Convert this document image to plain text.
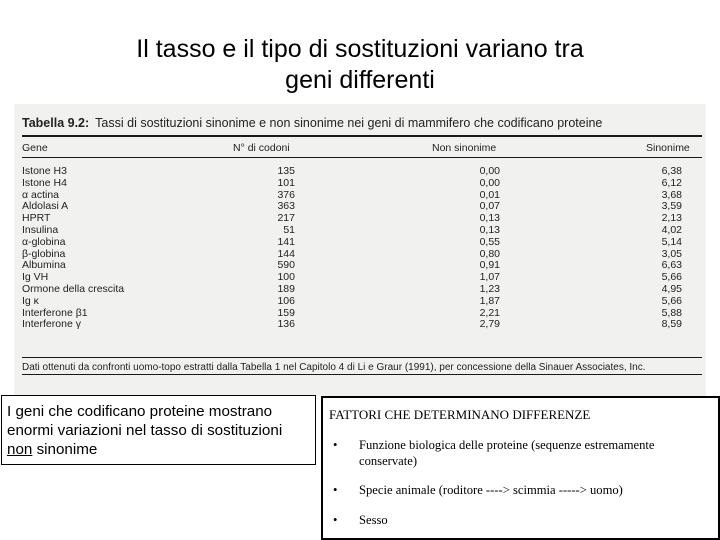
Il tasso e il tipo di sostituzioni variano tra
geni differenti
Tabella 9.2: Tassi di sostituzioni sinonime e non sinonime nei geni di mammifero che codificano proteine
Gene	N° di codoni	Non sinonime	Sinonime
Istone H3	135	0,00	6,38
Istone H4	101	0,00	6,12
α actina	376	0,01	3,68
Aldolasi A	363	0,07	3,59
HPRT	217	0,13	2,13
Insulina	51	0,13	4,02
α-globina	141	0,55	5,14
β-globina	144	0,80	3,05
Albumina	590	0,91	6,63
Ig VH	100	1,07	5,66
Ormone della crescita	189	1,23	4,95
Ig κ	106	1,87	5,66
Interferone β1	159	2,21	5,88
Interferone γ	136	2,79	8,59
Dati ottenuti da confronti uomo-topo estratti dalla Tabella 1 nel Capitolo 4 di Li e Graur (1991), per concessione della Sinauer Associates, Inc.
I geni che codificano proteine mostrano enormi variazioni nel tasso di sostituzioni non sinonime
FATTORI CHE DETERMINANO DIFFERENZE
• Funzione biologica delle proteine (sequenze estremamente conservate)
• Specie animale (roditore ----> scimmia -----> uomo)
• Sesso
